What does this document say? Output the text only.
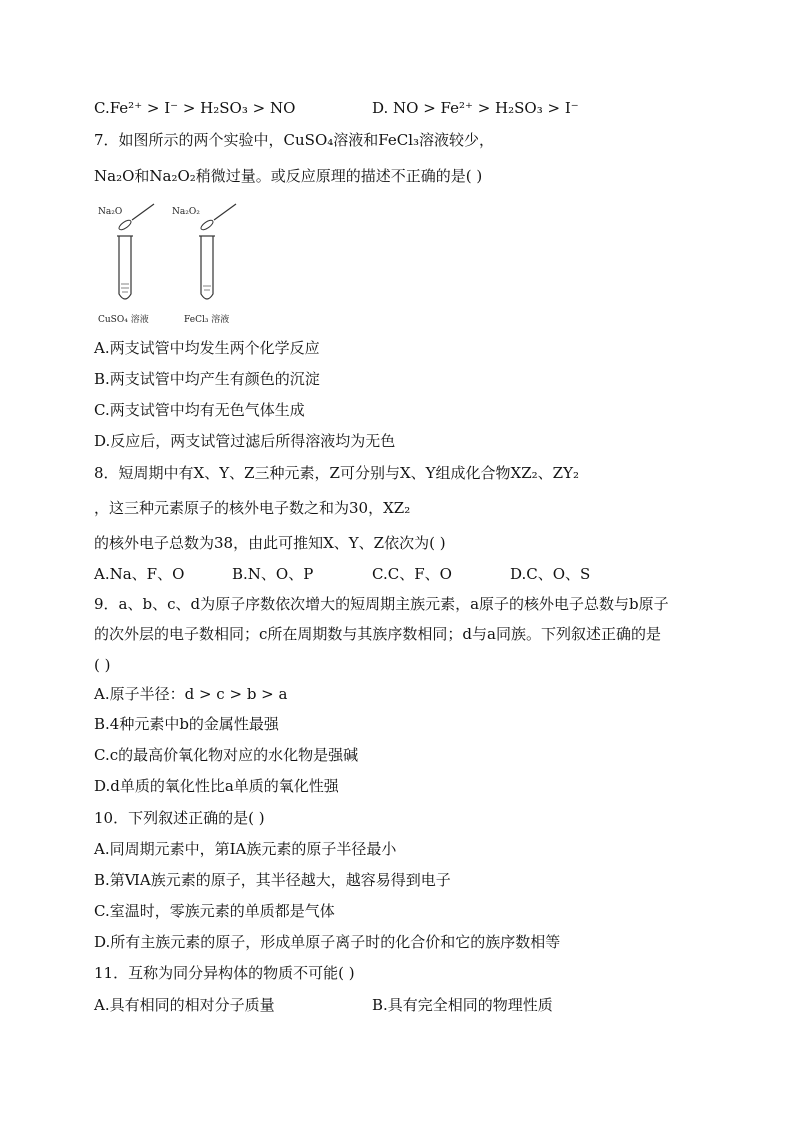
C.Fe²⁺ > I⁻ > H₂SO₃ > NO	D. NO > Fe²⁺ > H₂SO₃ > I⁻
7．如图所示的两个实验中，CuSO₄溶液和FeCl₃溶液较少，
Na₂O和Na₂O₂稍微过量。或反应原理的描述不正确的是( )
Na₂O
CuSO₄ 溶液
Na₂O₂
FeCl₃ 溶液
A.两支试管中均发生两个化学反应
B.两支试管中均产生有颜色的沉淀
C.两支试管中均有无色气体生成
D.反应后，两支试管过滤后所得溶液均为无色
8．短周期中有X、Y、Z三种元素，Z可分别与X、Y组成化合物XZ₂、ZY₂
，这三种元素原子的核外电子数之和为30，XZ₂
的核外电子总数为38，由此可推知X、Y、Z依次为( )
A.Na、F、O	B.N、O、P	C.C、F、O	D.C、O、S
9．a、b、c、d为原子序数依次增大的短周期主族元素，a原子的核外电子总数与b原子
的次外层的电子数相同；c所在周期数与其族序数相同；d与a同族。下列叙述正确的是
( )
A.原子半径：d > c > b > a
B.4种元素中b的金属性最强
C.c的最高价氧化物对应的水化物是强碱
D.d单质的氧化性比a单质的氧化性强
10．下列叙述正确的是( )
A.同周期元素中，第ⅠA族元素的原子半径最小
B.第ⅥA族元素的原子，其半径越大，越容易得到电子
C.室温时，零族元素的单质都是气体
D.所有主族元素的原子，形成单原子离子时的化合价和它的族序数相等
11．互称为同分异构体的物质不可能( )
A.具有相同的相对分子质量	B.具有完全相同的物理性质
